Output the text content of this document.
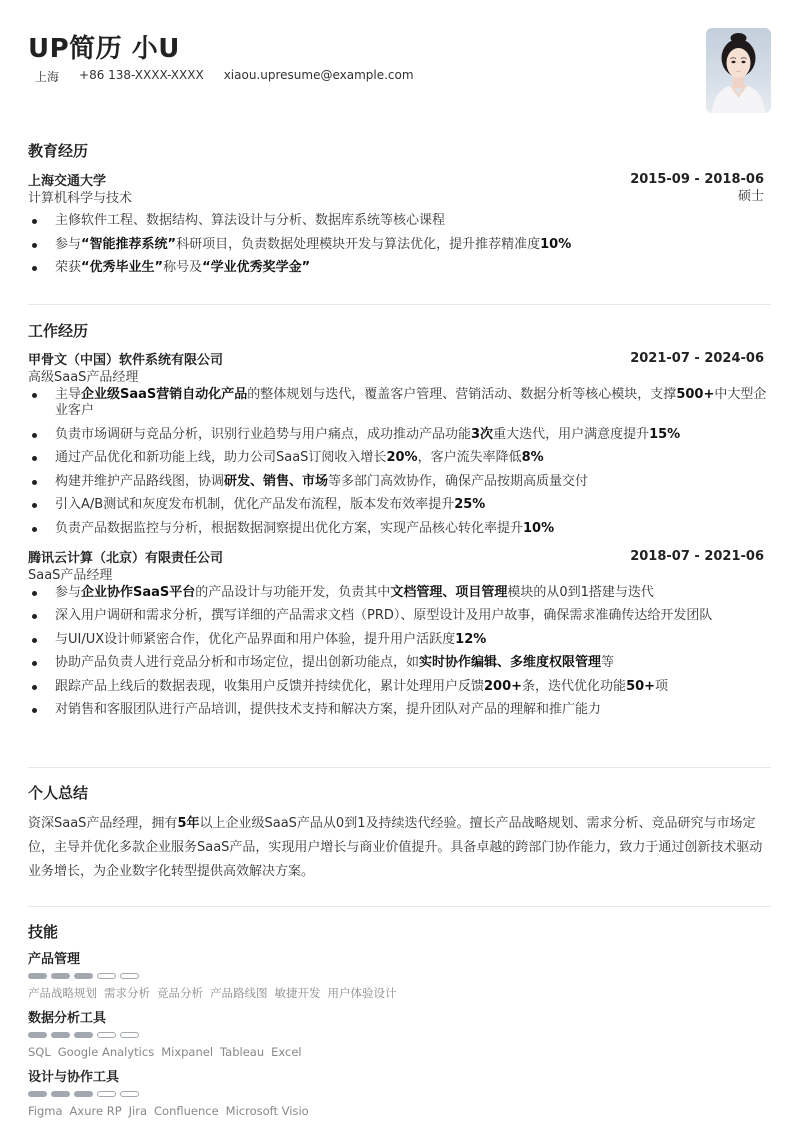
UP简历 小U
上海 +86 138-XXXX-XXXX xiaou.upresume@example.com
教育经历
上海交通大学	2015-09 - 2018-06
计算机科学与技术	硕士
主修软件工程、数据结构、算法设计与分析、数据库系统等核心课程
参与“智能推荐系统”科研项目，负责数据处理模块开发与算法优化，提升推荐精准度10%
荣获“优秀毕业生”称号及“学业优秀奖学金”
工作经历
甲骨文（中国）软件系统有限公司	2021-07 - 2024-06
高级SaaS产品经理
主导企业级SaaS营销自动化产品的整体规划与迭代，覆盖客户管理、营销活动、数据分析等核心模块，支撑500+中大型企业客户
负责市场调研与竞品分析，识别行业趋势与用户痛点，成功推动产品功能3次重大迭代，用户满意度提升15%
通过产品优化和新功能上线，助力公司SaaS订阅收入增长20%，客户流失率降低8%
构建并维护产品路线图，协调研发、销售、市场等多部门高效协作，确保产品按期高质量交付
引入A/B测试和灰度发布机制，优化产品发布流程，版本发布效率提升25%
负责产品数据监控与分析，根据数据洞察提出优化方案，实现产品核心转化率提升10%
腾讯云计算（北京）有限责任公司	2018-07 - 2021-06
SaaS产品经理
参与企业协作SaaS平台的产品设计与功能开发，负责其中文档管理、项目管理模块的从0到1搭建与迭代
深入用户调研和需求分析，撰写详细的产品需求文档（PRD）、原型设计及用户故事，确保需求准确传达给开发团队
与UI/UX设计师紧密合作，优化产品界面和用户体验，提升用户活跃度12%
协助产品负责人进行竞品分析和市场定位，提出创新功能点，如实时协作编辑、多维度权限管理等
跟踪产品上线后的数据表现，收集用户反馈并持续优化，累计处理用户反馈200+条，迭代优化功能50+项
对销售和客服团队进行产品培训，提供技术支持和解决方案，提升团队对产品的理解和推广能力
个人总结
资深SaaS产品经理，拥有5年以上企业级SaaS产品从0到1及持续迭代经验。擅长产品战略规划、需求分析、竞品研究与市场定位，主导并优化多款企业服务SaaS产品，实现用户增长与商业价值提升。具备卓越的跨部门协作能力，致力于通过创新技术驱动业务增长，为企业数字化转型提供高效解决方案。
技能
产品管理
产品战略规划 需求分析 竞品分析 产品路线图 敏捷开发 用户体验设计
数据分析工具
SQL Google Analytics Mixpanel Tableau Excel
设计与协作工具
Figma Axure RP Jira Confluence Microsoft Visio
